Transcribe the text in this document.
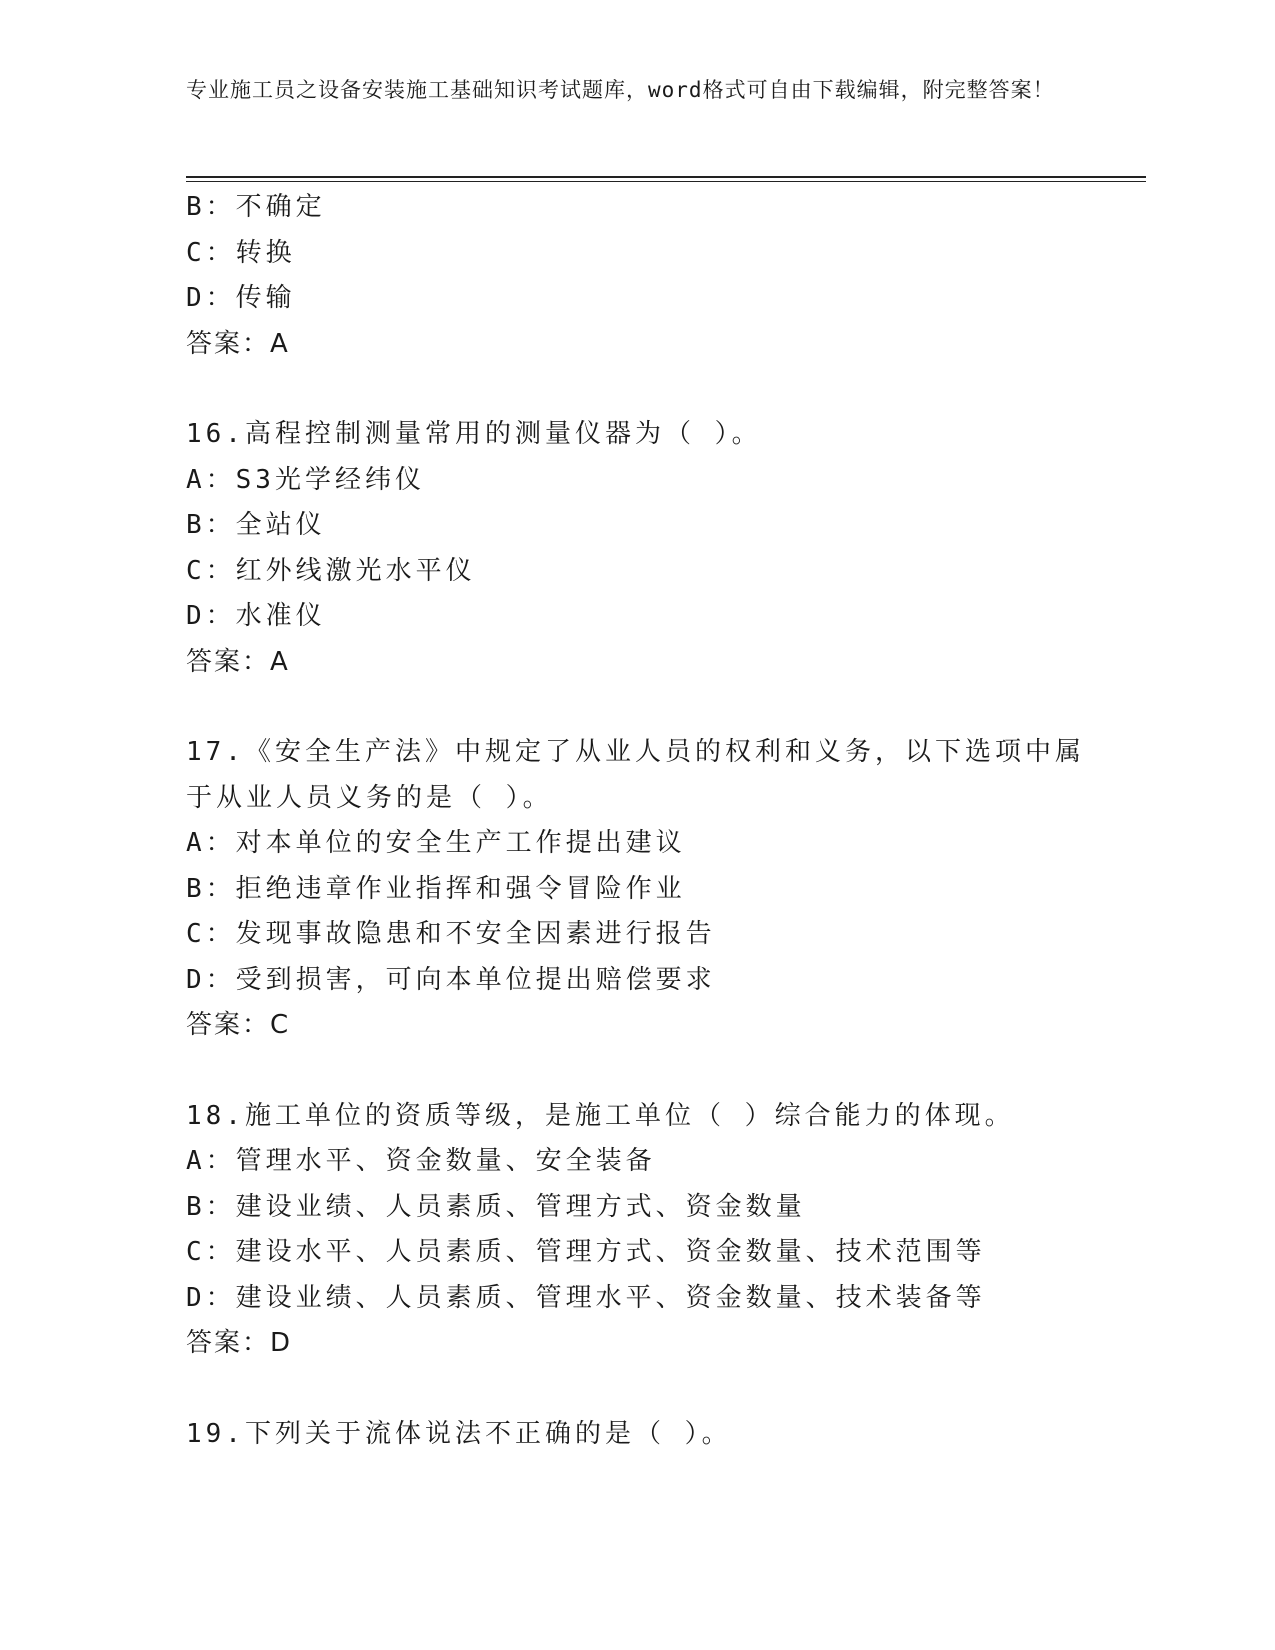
专业施工员之设备安装施工基础知识考试题库，word格式可自由下载编辑，附完整答案！
B：不确定
C：转换
D：传输
答案：A
16.高程控制测量常用的测量仪器为（ ）。
A：S3光学经纬仪
B：全站仪
C：红外线激光水平仪
D：水准仪
答案：A
17.《安全生产法》中规定了从业人员的权利和义务，以下选项中属于从业人员义务的是（ ）。
A：对本单位的安全生产工作提出建议
B：拒绝违章作业指挥和强令冒险作业
C：发现事故隐患和不安全因素进行报告
D：受到损害，可向本单位提出赔偿要求
答案：C
18.施工单位的资质等级，是施工单位（ ）综合能力的体现。
A：管理水平、资金数量、安全装备
B：建设业绩、人员素质、管理方式、资金数量
C：建设水平、人员素质、管理方式、资金数量、技术范围等
D：建设业绩、人员素质、管理水平、资金数量、技术装备等
答案：D
19.下列关于流体说法不正确的是（ ）。
